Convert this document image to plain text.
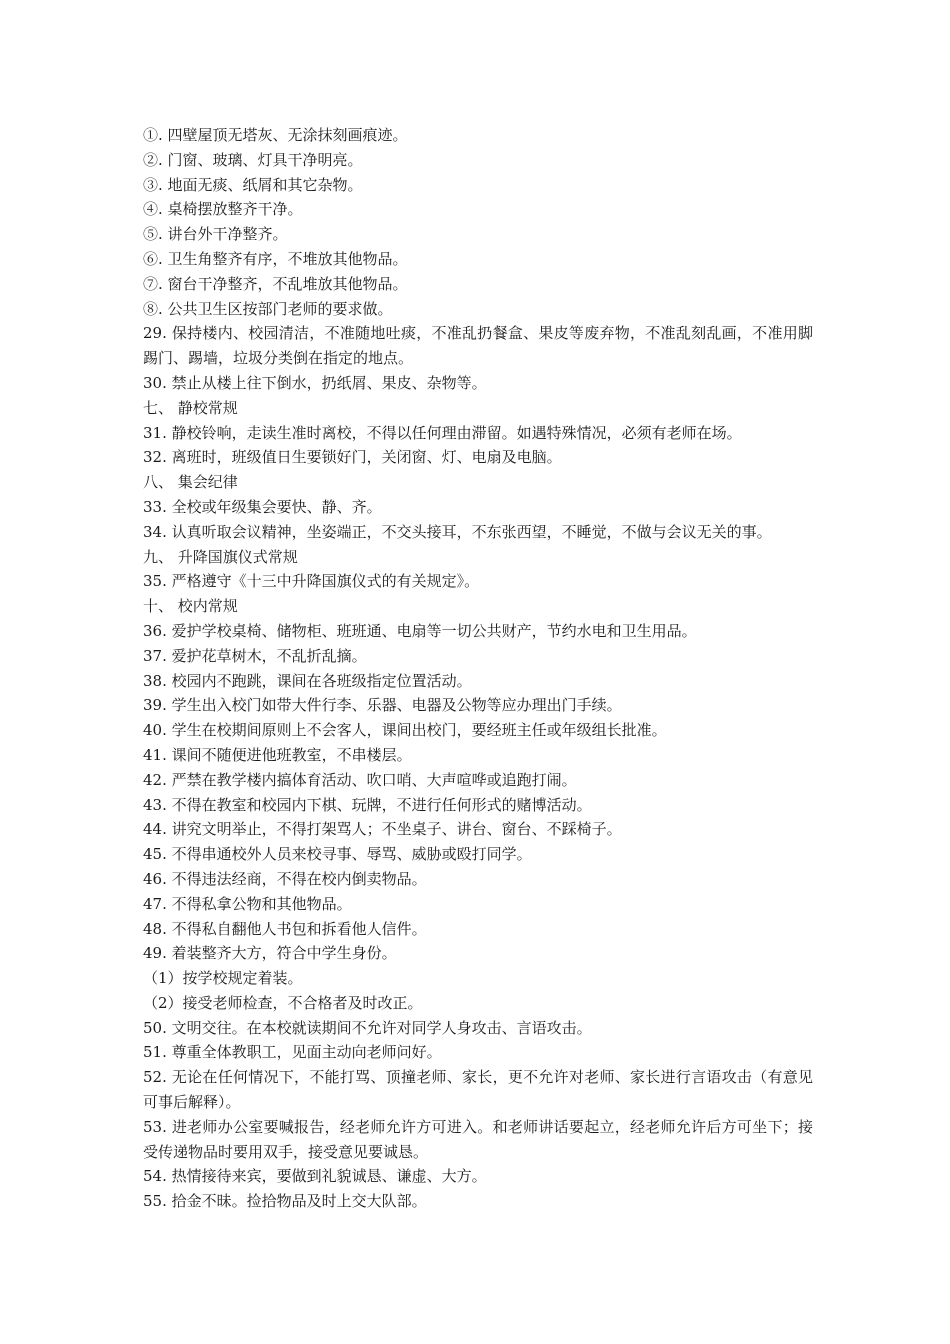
①. 四壁屋顶无塔灰、无涂抹刻画痕迹。
②. 门窗、玻璃、灯具干净明亮。
③. 地面无痰、纸屑和其它杂物。
④. 桌椅摆放整齐干净。
⑤. 讲台外干净整齐。
⑥. 卫生角整齐有序，不堆放其他物品。
⑦. 窗台干净整齐，不乱堆放其他物品。
⑧. 公共卫生区按部门老师的要求做。
29. 保持楼内、校园清洁，不准随地吐痰，不准乱扔餐盒、果皮等废弃物，不准乱刻乱画，不准用脚踢门、踢墙，垃圾分类倒在指定的地点。
30. 禁止从楼上往下倒水，扔纸屑、果皮、杂物等。
七、 静校常规
31. 静校铃响，走读生准时离校，不得以任何理由滞留。如遇特殊情况，必须有老师在场。
32. 离班时，班级值日生要锁好门，关闭窗、灯、电扇及电脑。
八、 集会纪律
33. 全校或年级集会要快、静、齐。
34. 认真听取会议精神，坐姿端正，不交头接耳，不东张西望，不睡觉，不做与会议无关的事。
九、 升降国旗仪式常规
35. 严格遵守《十三中升降国旗仪式的有关规定》。
十、 校内常规
36. 爱护学校桌椅、储物柜、班班通、电扇等一切公共财产，节约水电和卫生用品。
37. 爱护花草树木，不乱折乱摘。
38. 校园内不跑跳，课间在各班级指定位置活动。
39. 学生出入校门如带大件行李、乐器、电器及公物等应办理出门手续。
40. 学生在校期间原则上不会客人，课间出校门，要经班主任或年级组长批准。
41. 课间不随便进他班教室，不串楼层。
42. 严禁在教学楼内搞体育活动、吹口哨、大声喧哗或追跑打闹。
43. 不得在教室和校园内下棋、玩牌，不进行任何形式的赌博活动。
44. 讲究文明举止，不得打架骂人；不坐桌子、讲台、窗台、不踩椅子。
45. 不得串通校外人员来校寻事、辱骂、威胁或殴打同学。
46. 不得违法经商，不得在校内倒卖物品。
47. 不得私拿公物和其他物品。
48. 不得私自翻他人书包和拆看他人信件。
49. 着装整齐大方，符合中学生身份。
（1）按学校规定着装。
（2）接受老师检查，不合格者及时改正。
50. 文明交往。在本校就读期间不允许对同学人身攻击、言语攻击。
51. 尊重全体教职工，见面主动向老师问好。
52. 无论在任何情况下，不能打骂、顶撞老师、家长，更不允许对老师、家长进行言语攻击（有意见可事后解释）。
53. 进老师办公室要喊报告，经老师允许方可进入。和老师讲话要起立，经老师允许后方可坐下；接受传递物品时要用双手，接受意见要诚恳。
54. 热情接待来宾，要做到礼貌诚恳、谦虚、大方。
55. 拾金不昧。捡拾物品及时上交大队部。
